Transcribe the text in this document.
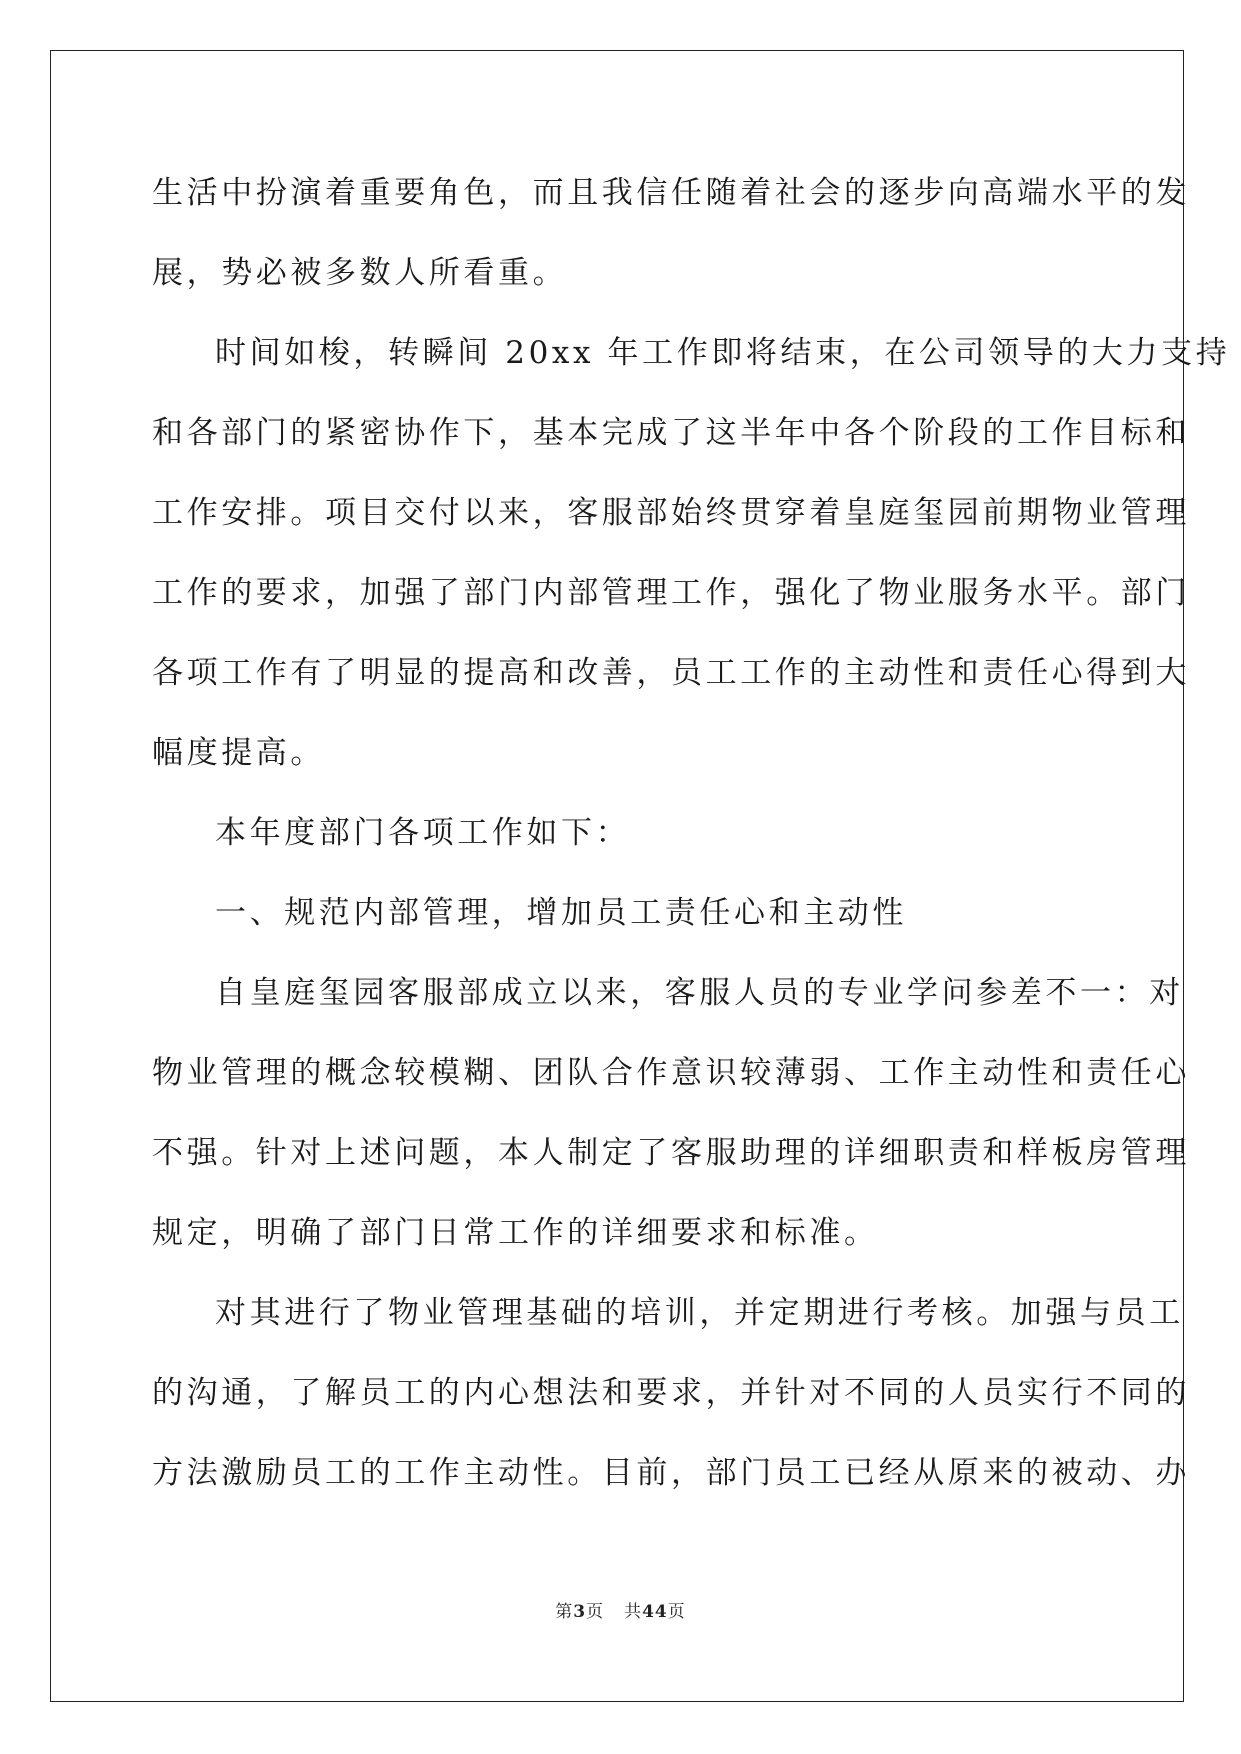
生活中扮演着重要角色，而且我信任随着社会的逐步向高端水平的发
展，势必被多数人所看重。
时间如梭，转瞬间 20xx 年工作即将结束，在公司领导的大力支持
和各部门的紧密协作下，基本完成了这半年中各个阶段的工作目标和
工作安排。项目交付以来，客服部始终贯穿着皇庭玺园前期物业管理
工作的要求，加强了部门内部管理工作，强化了物业服务水平。部门
各项工作有了明显的提高和改善，员工工作的主动性和责任心得到大
幅度提高。
本年度部门各项工作如下：
一、规范内部管理，增加员工责任心和主动性
自皇庭玺园客服部成立以来，客服人员的专业学问参差不一：对
物业管理的概念较模糊、团队合作意识较薄弱、工作主动性和责任心
不强。针对上述问题，本人制定了客服助理的详细职责和样板房管理
规定，明确了部门日常工作的详细要求和标准。
对其进行了物业管理基础的培训，并定期进行考核。加强与员工
的沟通，了解员工的内心想法和要求，并针对不同的人员实行不同的
方法激励员工的工作主动性。目前，部门员工已经从原来的被动、办
第3页 共44页
